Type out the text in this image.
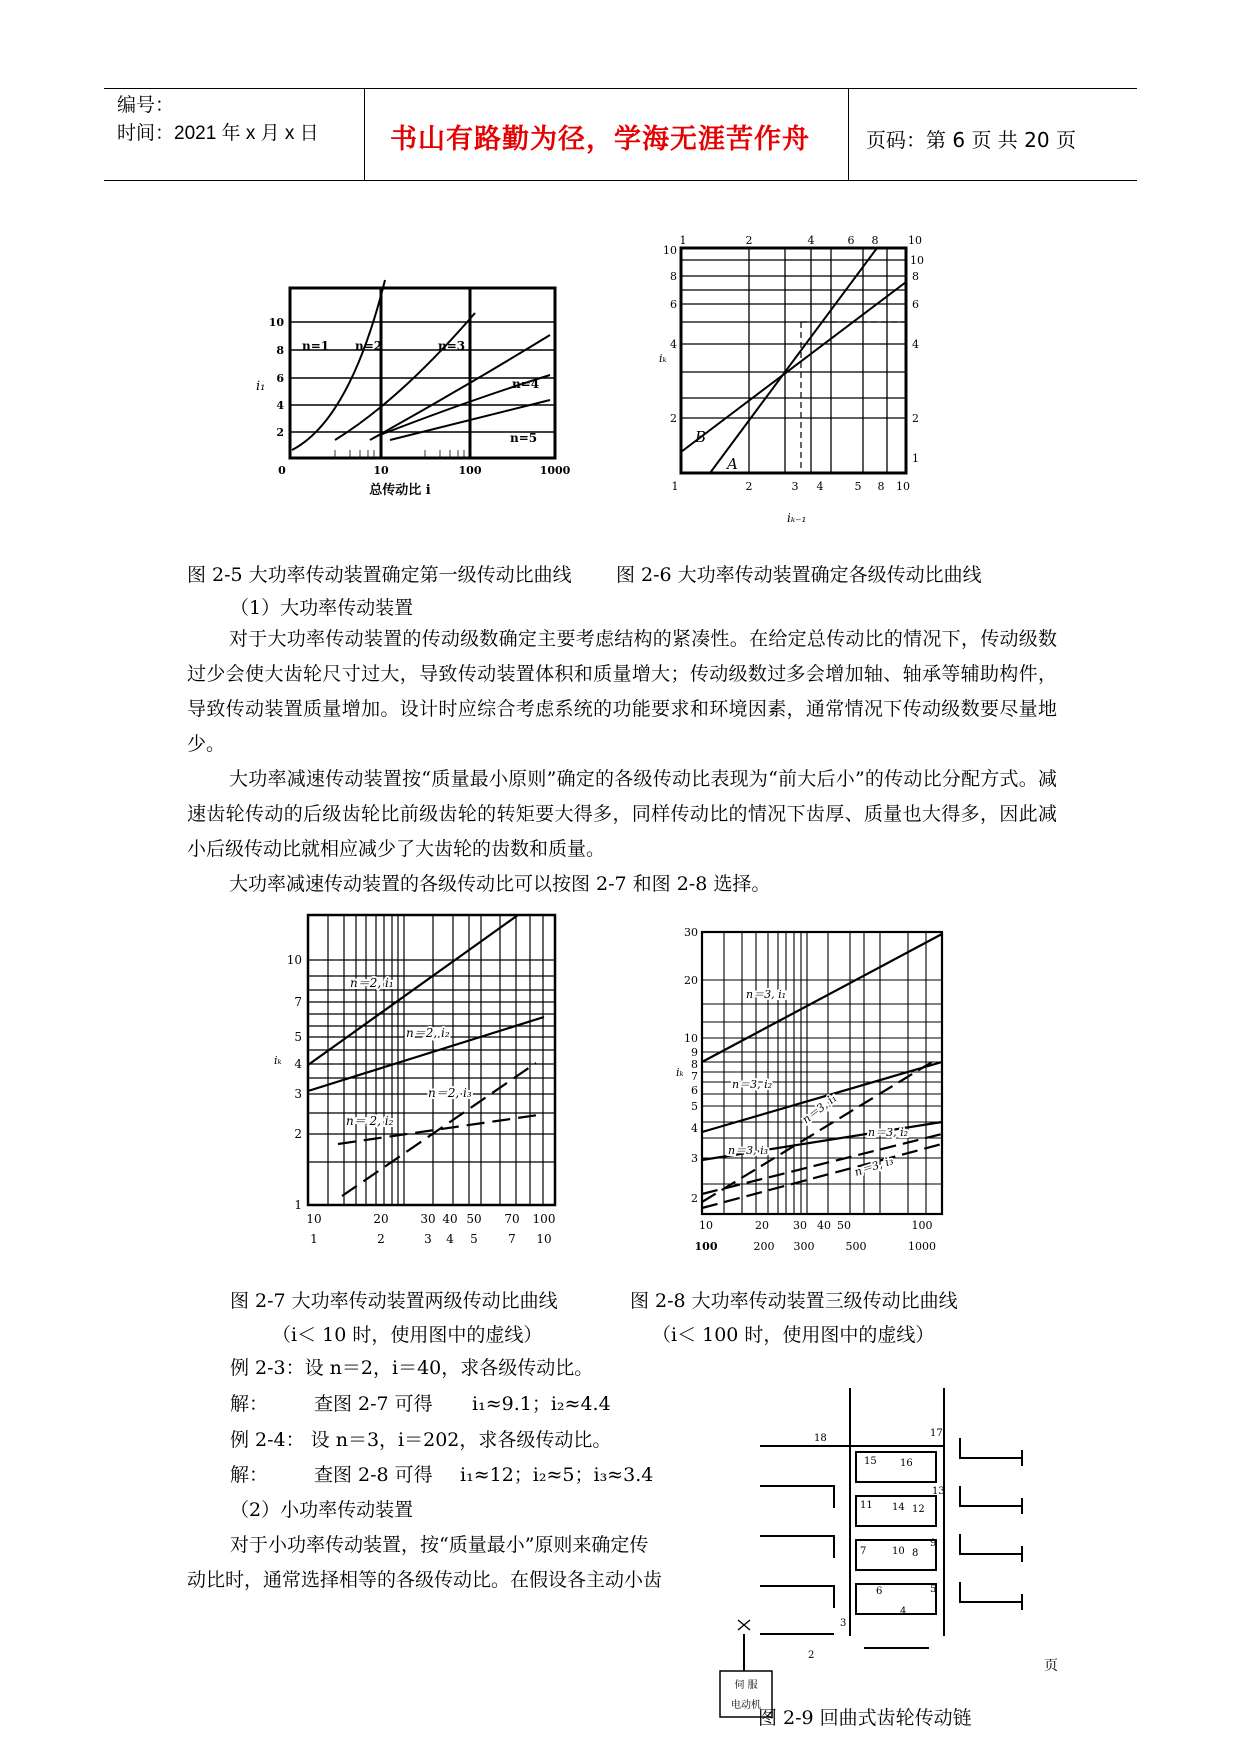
编号：
时间：2021 年 x 月 x 日	书山有路勤为径，学海无涯苦作舟	页码：第 6 页 共 20 页
n=1 n=2	n=3
n=4
n=5
2
4
6
8
10
0	10	100	1000
i₁
总传动比 i
B
A
1	2	4	6 8	10
1	2	3 4	5 8 10
10
8
6
4
2
10
8
6
4
2
1
iₖ
iₖ₋₁
图 2-5 大功率传动装置确定第一级传动比曲线 图 2-6 大功率传动装置确定各级传动比曲线
（1）大功率传动装置
对于大功率传动装置的传动级数确定主要考虑结构的紧凑性。在给定总传动比的情况下，传动级数过少会使大齿轮尺寸过大，导致传动装置体积和质量增大；传动级数过多会增加轴、轴承等辅助构件，导致传动装置质量增加。设计时应综合考虑系统的功能要求和环境因素，通常情况下传动级数要尽量地少。
大功率减速传动装置按“质量最小原则”确定的各级传动比表现为“前大后小”的传动比分配方式。减速齿轮传动的后级齿轮比前级齿轮的转矩要大得多，同样传动比的情况下齿厚、质量也大得多，因此减小后级传动比就相应减少了大齿轮的齿数和质量。
大功率减速传动装置的各级传动比可以按图 2-7 和图 2-8 选择。
n＝2, i₁
n＝2, i₂
n＝2, i₃
n＝ 2, i₂
10
7
5
4
3
2
1
10	20	30 40 50 70 100
1	2	3 4 5	7 10
iₖ
n＝3, i₁
n＝3, i₂
n＝3, i₃
n＝3, i₁
n＝3, i₂
n＝3, i₃
30
20
10
9
8
7
6
5
4
3
2
10	20 30 40 50	100
100	200 300	500	1000
iₖ
图 2-7 大功率传动装置两级传动比曲线	图 2-8 大功率传动装置三级传动比曲线
（i＜ 10 时，使用图中的虚线）	（i＜ 100 时，使用图中的虚线）
例 2-3：设 n＝2，i＝40，求各级传动比。
解： 查图 2-7 可得 i₁≈9.1；i₂≈4.4
例 2-4： 设 n＝3，i＝202，求各级传动比。
解： 查图 2-8 可得 i₁≈12；i₂≈5；i₃≈3.4
（2）小功率传动装置
对于小功率传动装置，按“质量最小”原则来确定传
动比时，通常选择相等的各级传动比。在假设各主动小齿
伺 服
电动机
18	17
15 16
14
13
11	12
10
9
7	8
6	5
3
4
2
页
图 2-9 回曲式齿轮传动链
